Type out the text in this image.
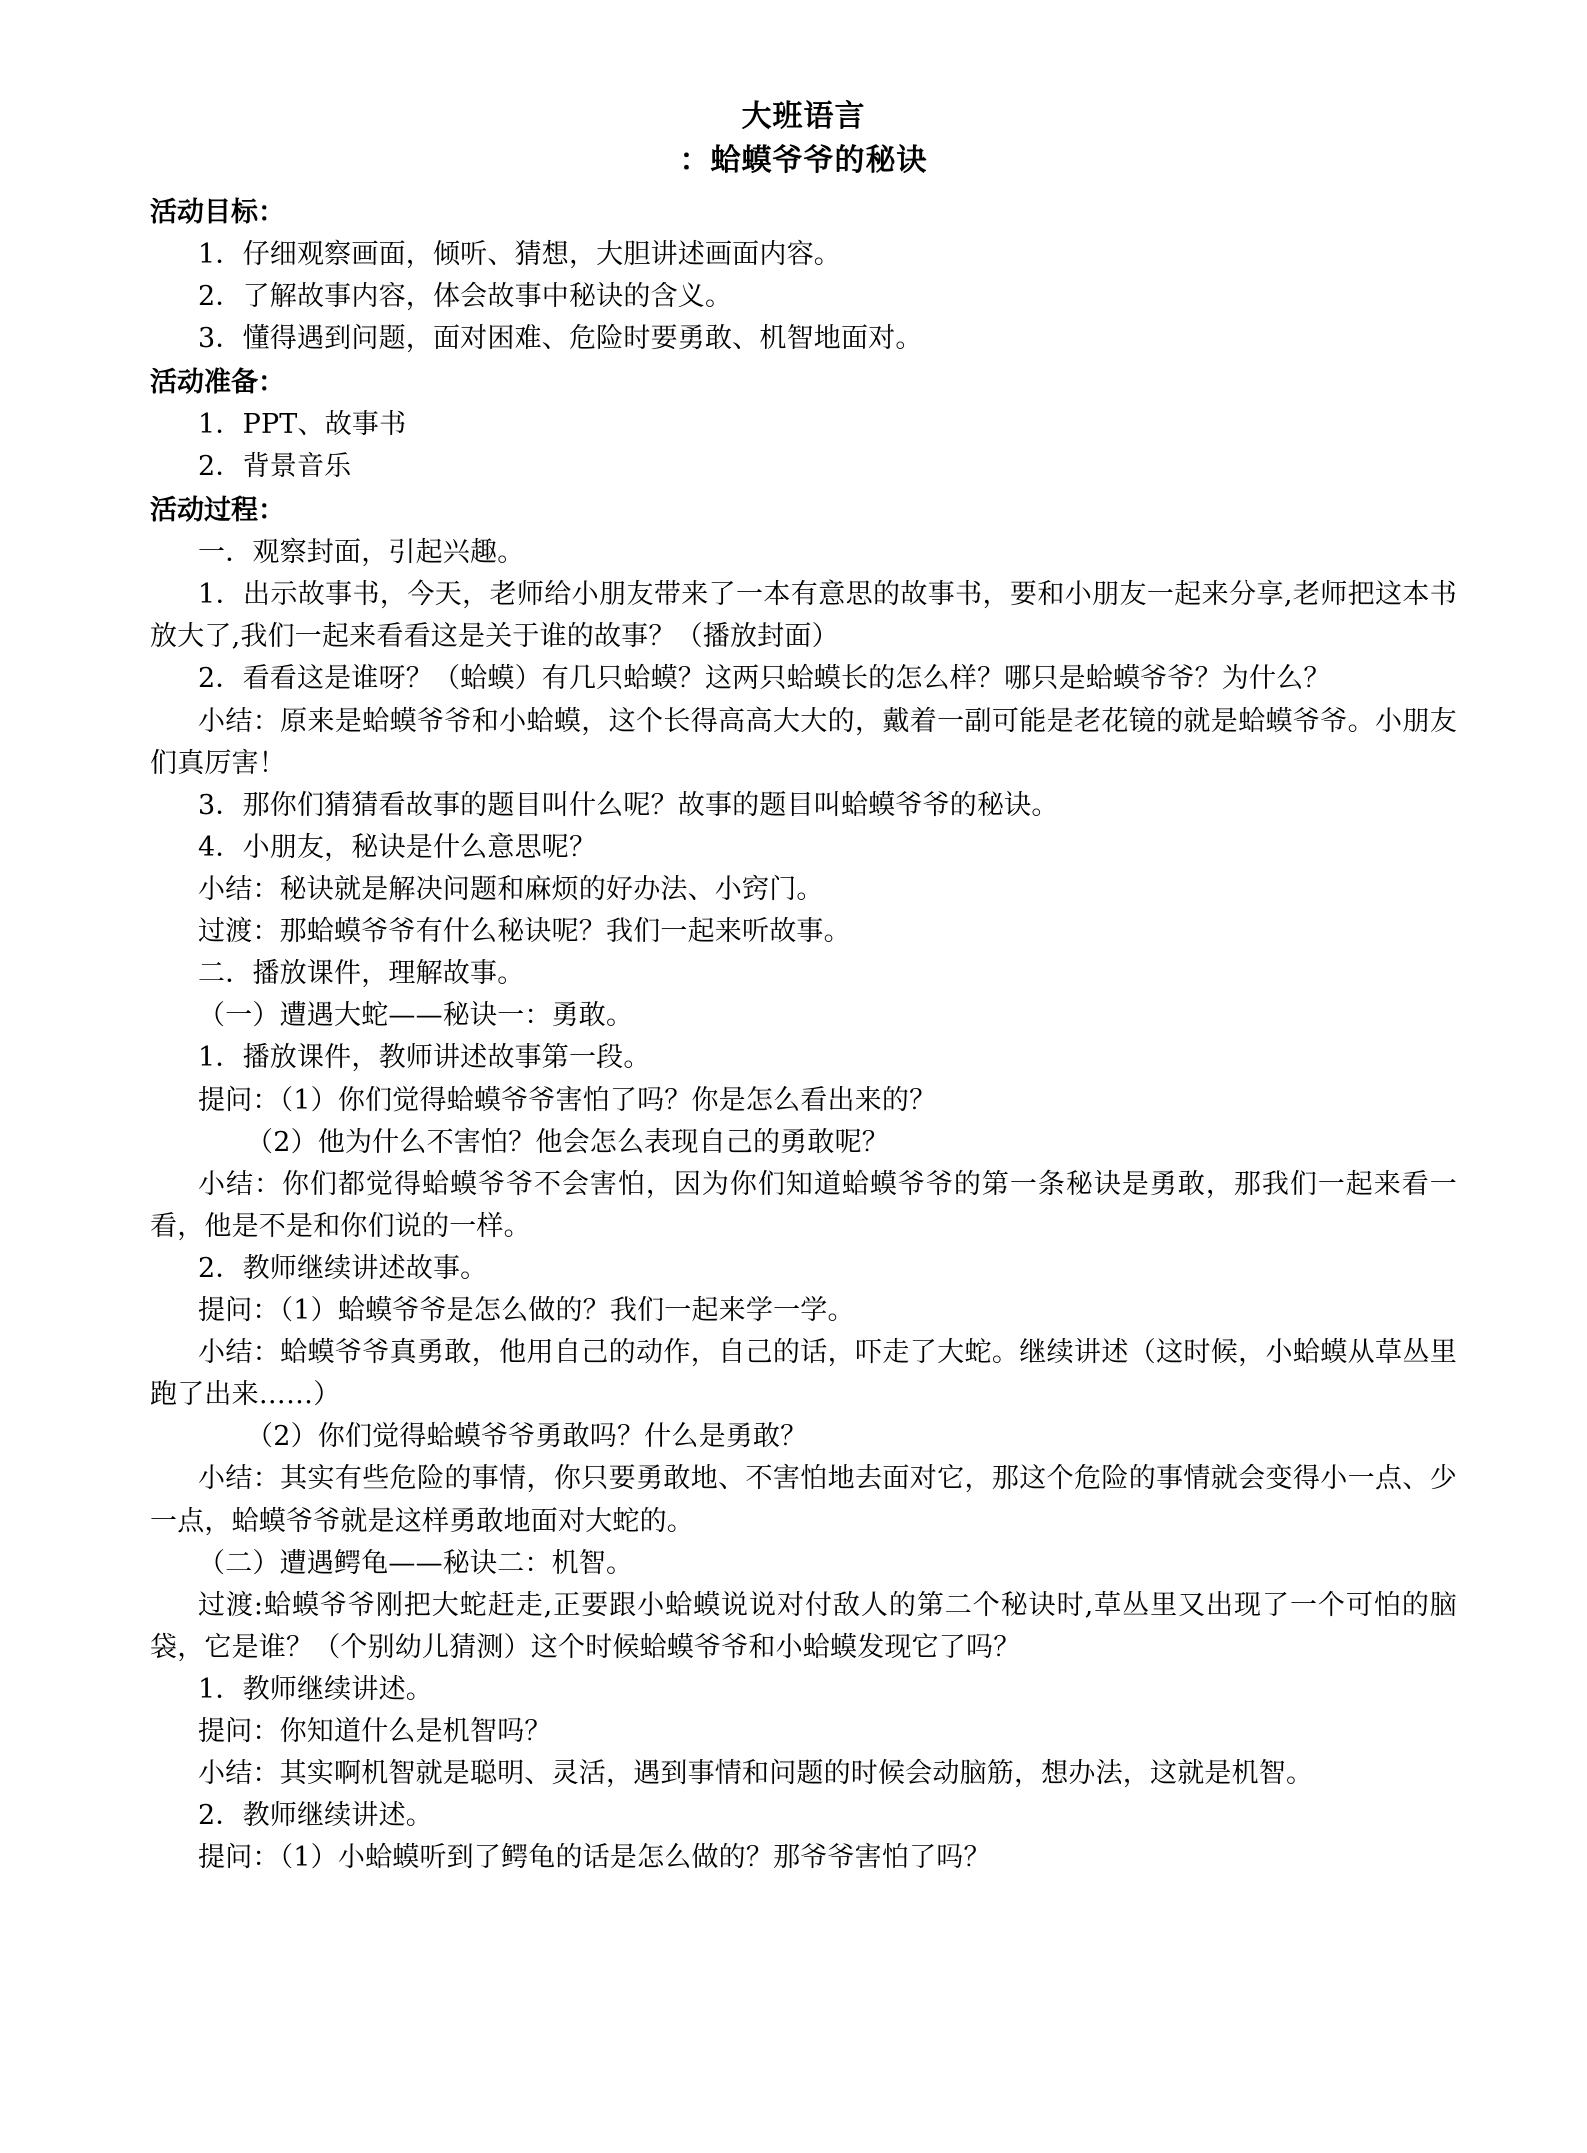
大班语言
：蛤蟆爷爷的秘诀
活动目标：

1．仔细观察画面，倾听、猜想，大胆讲述画面内容。

2．了解故事内容，体会故事中秘诀的含义。

3．懂得遇到问题，面对困难、危险时要勇敢、机智地面对。

活动准备：

1．PPT、故事书

2．背景音乐

活动过程：

一．观察封面，引起兴趣。

1．出示故事书，今天，老师给小朋友带来了一本有意思的故事书，要和小朋友一起来分享,老师把这本书放大了,我们一起来看看这是关于谁的故事？（播放封面）

2．看看这是谁呀？（蛤蟆）有几只蛤蟆？这两只蛤蟆长的怎么样？哪只是蛤蟆爷爷？为什么？

小结：原来是蛤蟆爷爷和小蛤蟆，这个长得高高大大的，戴着一副可能是老花镜的就是蛤蟆爷爷。小朋友们真厉害！

3．那你们猜猜看故事的题目叫什么呢？故事的题目叫蛤蟆爷爷的秘诀。

4．小朋友，秘诀是什么意思呢？

小结：秘诀就是解决问题和麻烦的好办法、小窍门。

过渡：那蛤蟆爷爷有什么秘诀呢？我们一起来听故事。

二．播放课件，理解故事。

（一）遭遇大蛇——秘诀一：勇敢。

1．播放课件，教师讲述故事第一段。

提问：（1）你们觉得蛤蟆爷爷害怕了吗？你是怎么看出来的？

（2）他为什么不害怕？他会怎么表现自己的勇敢呢？

小结：你们都觉得蛤蟆爷爷不会害怕，因为你们知道蛤蟆爷爷的第一条秘诀是勇敢，那我们一起来看一看，他是不是和你们说的一样。

2．教师继续讲述故事。

提问：（1）蛤蟆爷爷是怎么做的？我们一起来学一学。

小结：蛤蟆爷爷真勇敢，他用自己的动作，自己的话，吓走了大蛇。继续讲述（这时候，小蛤蟆从草丛里跑了出来……）

（2）你们觉得蛤蟆爷爷勇敢吗？什么是勇敢？

小结：其实有些危险的事情，你只要勇敢地、不害怕地去面对它，那这个危险的事情就会变得小一点、少一点，蛤蟆爷爷就是这样勇敢地面对大蛇的。

（二）遭遇鳄龟——秘诀二：机智。

过渡:蛤蟆爷爷刚把大蛇赶走,正要跟小蛤蟆说说对付敌人的第二个秘诀时,草丛里又出现了一个可怕的脑袋，它是谁？（个别幼儿猜测）这个时候蛤蟆爷爷和小蛤蟆发现它了吗？

1．教师继续讲述。

提问：你知道什么是机智吗？

小结：其实啊机智就是聪明、灵活，遇到事情和问题的时候会动脑筋，想办法，这就是机智。

2．教师继续讲述。

提问：（1）小蛤蟆听到了鳄龟的话是怎么做的？那爷爷害怕了吗？
